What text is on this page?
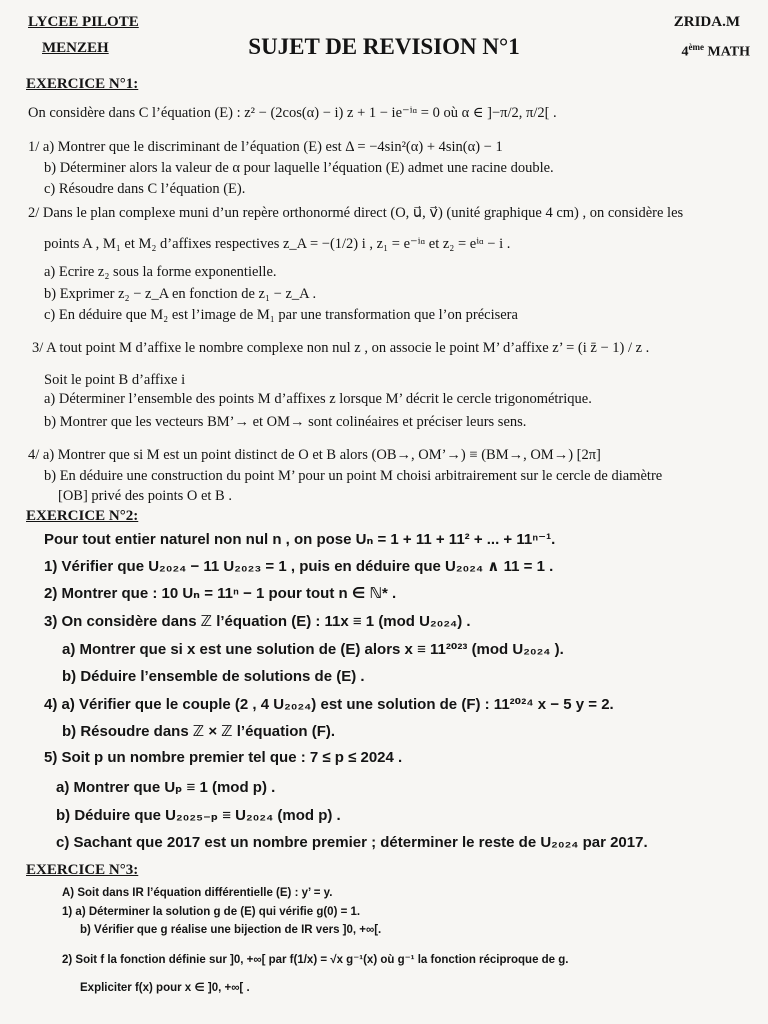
LYCEE PILOTE
MENZEH	SUJET DE REVISION N°1
ZRIDA.M
4ème MATH
EXERCICE N°1:
On considère dans C l’équation (E) : z² − (2cos(α) − i) z + 1 − ie⁻ⁱᵅ = 0 où α ∈ ]−π/2, π/2[ .
1/ a) Montrer que le discriminant de l’équation (E) est Δ = −4sin²(α) + 4sin(α) − 1
b) Déterminer alors la valeur de α pour laquelle l’équation (E) admet une racine double.
c) Résoudre dans C l’équation (E).
2/ Dans le plan complexe muni d’un repère orthonormé direct (O, u⃗, v⃗) (unité graphique 4 cm) , on considère les
points A , M₁ et M₂ d’affixes respectives z_A = −(1/2) i , z₁ = e⁻ⁱᵅ et z₂ = eⁱᵅ − i .
a) Ecrire z₂ sous la forme exponentielle.
b) Exprimer z₂ − z_A en fonction de z₁ − z_A .
c) En déduire que M₂ est l’image de M₁ par une transformation que l’on précisera
3/ A tout point M d’affixe le nombre complexe non nul z , on associe le point M’ d’affixe z’ = (i z̄ − 1) / z .
Soit le point B d’affixe i
a) Déterminer l’ensemble des points M d’affixes z lorsque M’ décrit le cercle trigonométrique.
b) Montrer que les vecteurs BM’→ et OM→ sont colinéaires et préciser leurs sens.
4/ a) Montrer que si M est un point distinct de O et B alors (OB→, OM’→) ≡ (BM→, OM→) [2π]
b) En déduire une construction du point M’ pour un point M choisi arbitrairement sur le cercle de diamètre
[OB] privé des points O et B .
EXERCICE N°2:
Pour tout entier naturel non nul n , on pose Uₙ = 1 + 11 + 11² + ... + 11ⁿ⁻¹.
1) Vérifier que U₂₀₂₄ − 11 U₂₀₂₃ = 1 , puis en déduire que U₂₀₂₄ ∧ 11 = 1 .
2) Montrer que : 10 Uₙ = 11ⁿ − 1 pour tout n ∈ ℕ* .
3) On considère dans ℤ l’équation (E) : 11x ≡ 1 (mod U₂₀₂₄) .
a) Montrer que si x est une solution de (E) alors x ≡ 11²⁰²³ (mod U₂₀₂₄ ).
b) Déduire l’ensemble de solutions de (E) .
4) a) Vérifier que le couple (2 , 4 U₂₀₂₄) est une solution de (F) : 11²⁰²⁴ x − 5 y = 2.
b) Résoudre dans ℤ × ℤ l’équation (F).
5) Soit p un nombre premier tel que : 7 ≤ p ≤ 2024 .
a) Montrer que Uₚ ≡ 1 (mod p) .
b) Déduire que U₂₀₂₅₋ₚ ≡ U₂₀₂₄ (mod p) .
c) Sachant que 2017 est un nombre premier ; déterminer le reste de U₂₀₂₄ par 2017.
EXERCICE N°3:
A) Soit dans IR l’équation différentielle (E) : y’ = y.
1) a) Déterminer la solution g de (E) qui vérifie g(0) = 1.
b) Vérifier que g réalise une bijection de IR vers ]0, +∞[.
2) Soit f la fonction définie sur ]0, +∞[ par f(1/x) = √x g⁻¹(x) où g⁻¹ la fonction réciproque de g.
Expliciter f(x) pour x ∈ ]0, +∞[ .
